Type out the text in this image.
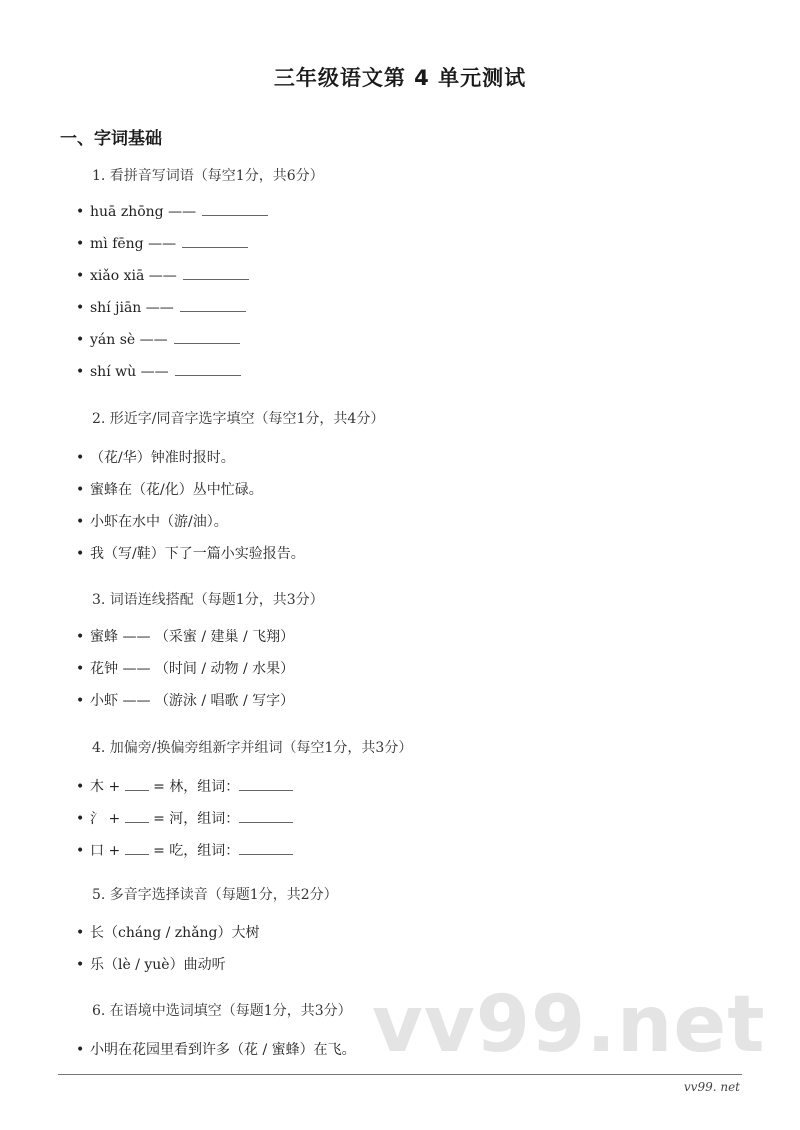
三年级语文第 4 单元测试
一、字词基础
1. 看拼音写词语（每空1分，共6分）
• huā zhōng ——
• mì fēng ——
• xiǎo xiā ——
• shí jiān ——
• yán sè ——
• shí wù ——
2. 形近字/同音字选字填空（每空1分，共4分）
• （花/华）钟准时报时。
• 蜜蜂在（花/化）丛中忙碌。
• 小虾在水中（游/油）。
• 我（写/鞋）下了一篇小实验报告。
3. 词语连线搭配（每题1分，共3分）
• 蜜蜂 —— （采蜜 / 建巢 / 飞翔）
• 花钟 —— （时间 / 动物 / 水果）
• 小虾 —— （游泳 / 唱歌 / 写字）
4. 加偏旁/换偏旁组新字并组词（每空1分，共3分）
• 木 + = 林，组词：
• 氵 + = 河，组词：
• 口 + = 吃，组词：
5. 多音字选择读音（每题1分，共2分）
• 长（cháng / zhǎng）大树
• 乐（lè / yuè）曲动听
6. 在语境中选词填空（每题1分，共3分）
• 小明在花园里看到许多（花 / 蜜蜂）在飞。 vv99.net
vv99. net
